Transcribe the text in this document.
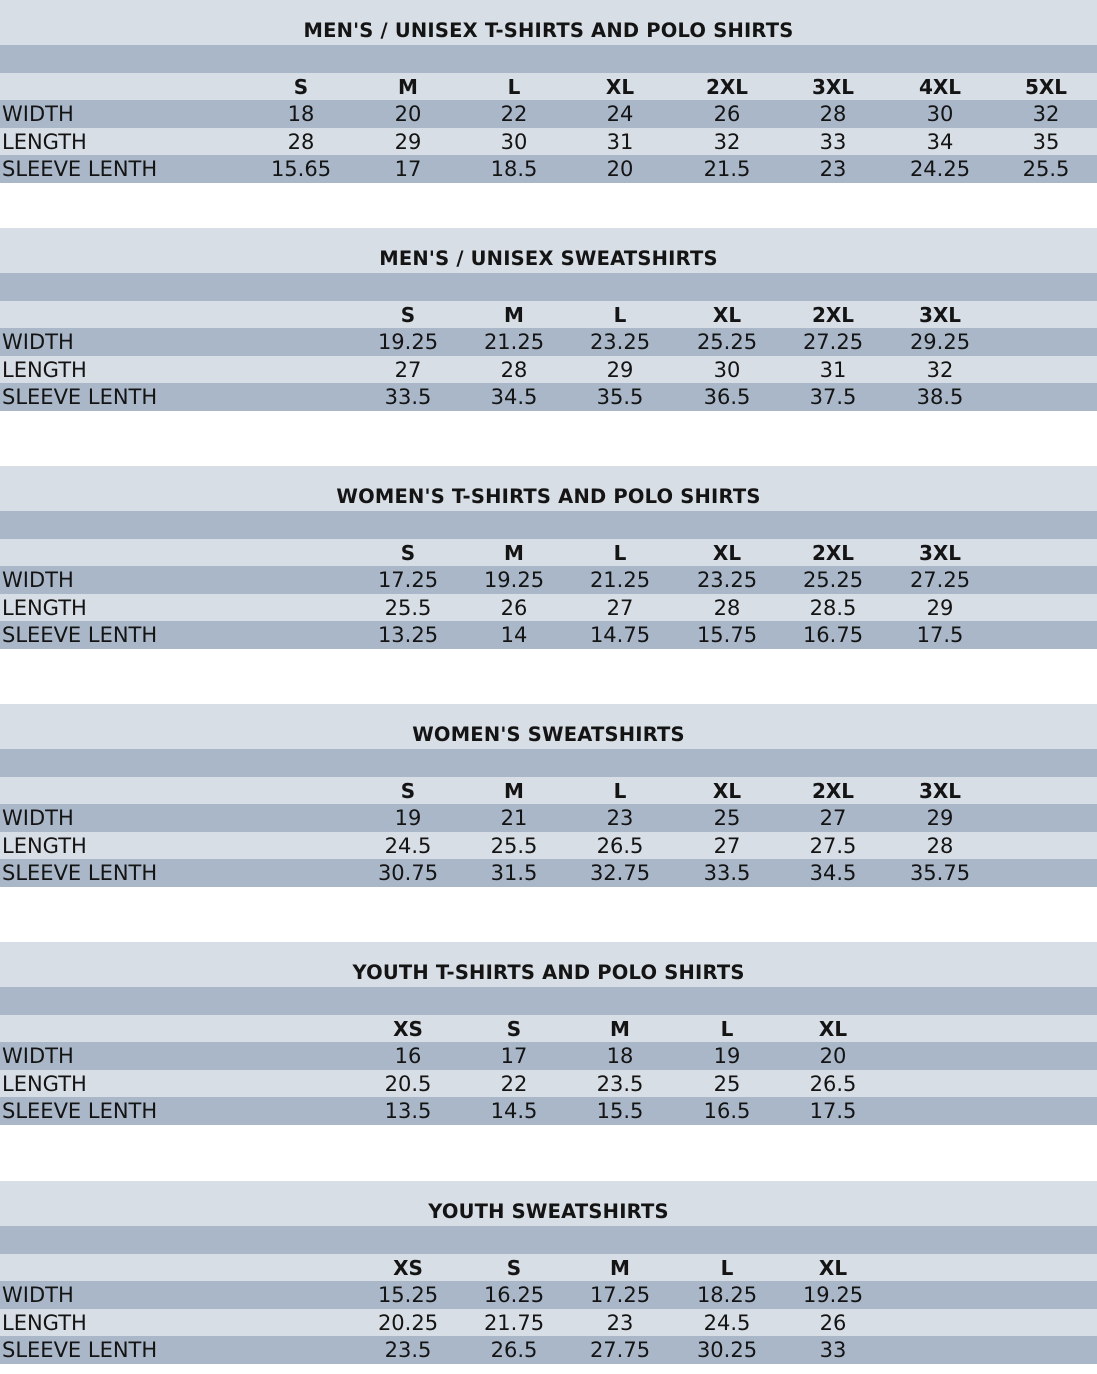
MEN'S / UNISEX T-SHIRTS AND POLO SHIRTS
S	M	L	XL	2XL	3XL	4XL	5XL
WIDTH	18	20	22	24	26	28	30	32
LENGTH	28	29	30	31	32	33	34	35
SLEEVE LENTH	15.65	17	18.5	20	21.5	23	24.25	25.5
MEN'S / UNISEX SWEATSHIRTS
S	M	L	XL	2XL	3XL
WIDTH	19.25	21.25	23.25	25.25	27.25	29.25
LENGTH	27	28	29	30	31	32
SLEEVE LENTH	33.5	34.5	35.5	36.5	37.5	38.5
WOMEN'S T-SHIRTS AND POLO SHIRTS
S	M	L	XL	2XL	3XL
WIDTH	17.25	19.25	21.25	23.25	25.25	27.25
LENGTH	25.5	26	27	28	28.5	29
SLEEVE LENTH	13.25	14	14.75	15.75	16.75	17.5
WOMEN'S SWEATSHIRTS
S	M	L	XL	2XL	3XL
WIDTH	19	21	23	25	27	29
LENGTH	24.5	25.5	26.5	27	27.5	28
SLEEVE LENTH	30.75	31.5	32.75	33.5	34.5	35.75
YOUTH T-SHIRTS AND POLO SHIRTS
XS	S	M	L	XL
WIDTH	16	17	18	19	20
LENGTH	20.5	22	23.5	25	26.5
SLEEVE LENTH	13.5	14.5	15.5	16.5	17.5
YOUTH SWEATSHIRTS
XS	S	M	L	XL
WIDTH	15.25	16.25	17.25	18.25	19.25
LENGTH	20.25	21.75	23	24.5	26
SLEEVE LENTH	23.5	26.5	27.75	30.25	33
